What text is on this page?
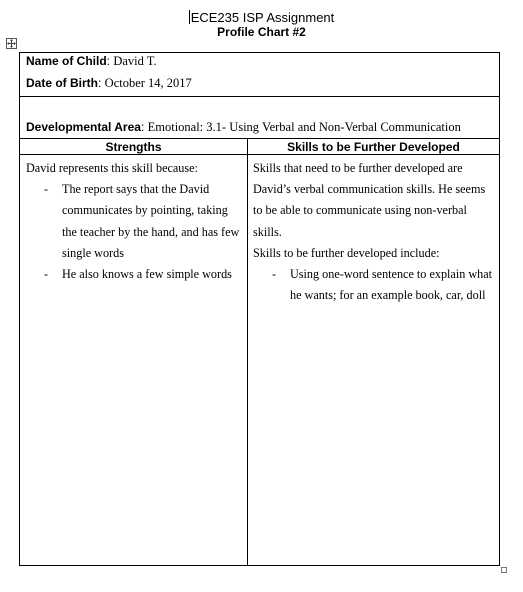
ECE235 ISP Assignment
Profile Chart #2
Name of Child: David T.
Date of Birth: October 14, 2017
Developmental Area: Emotional: 3.1- Using Verbal and Non-Verbal Communication
Strengths	Skills to be Further Developed

David represents this skill because:

- The report says that the David
communicates by pointing, taking
the teacher by the hand, and has few
single words
- He also knows a few simple words
Skills that need to be further developed are
David’s verbal communication skills. He seems
to be able to communicate using non-verbal
skills.

Skills to be further developed include:

- Using one-word sentence to explain what
he wants; for an example book, car, doll
